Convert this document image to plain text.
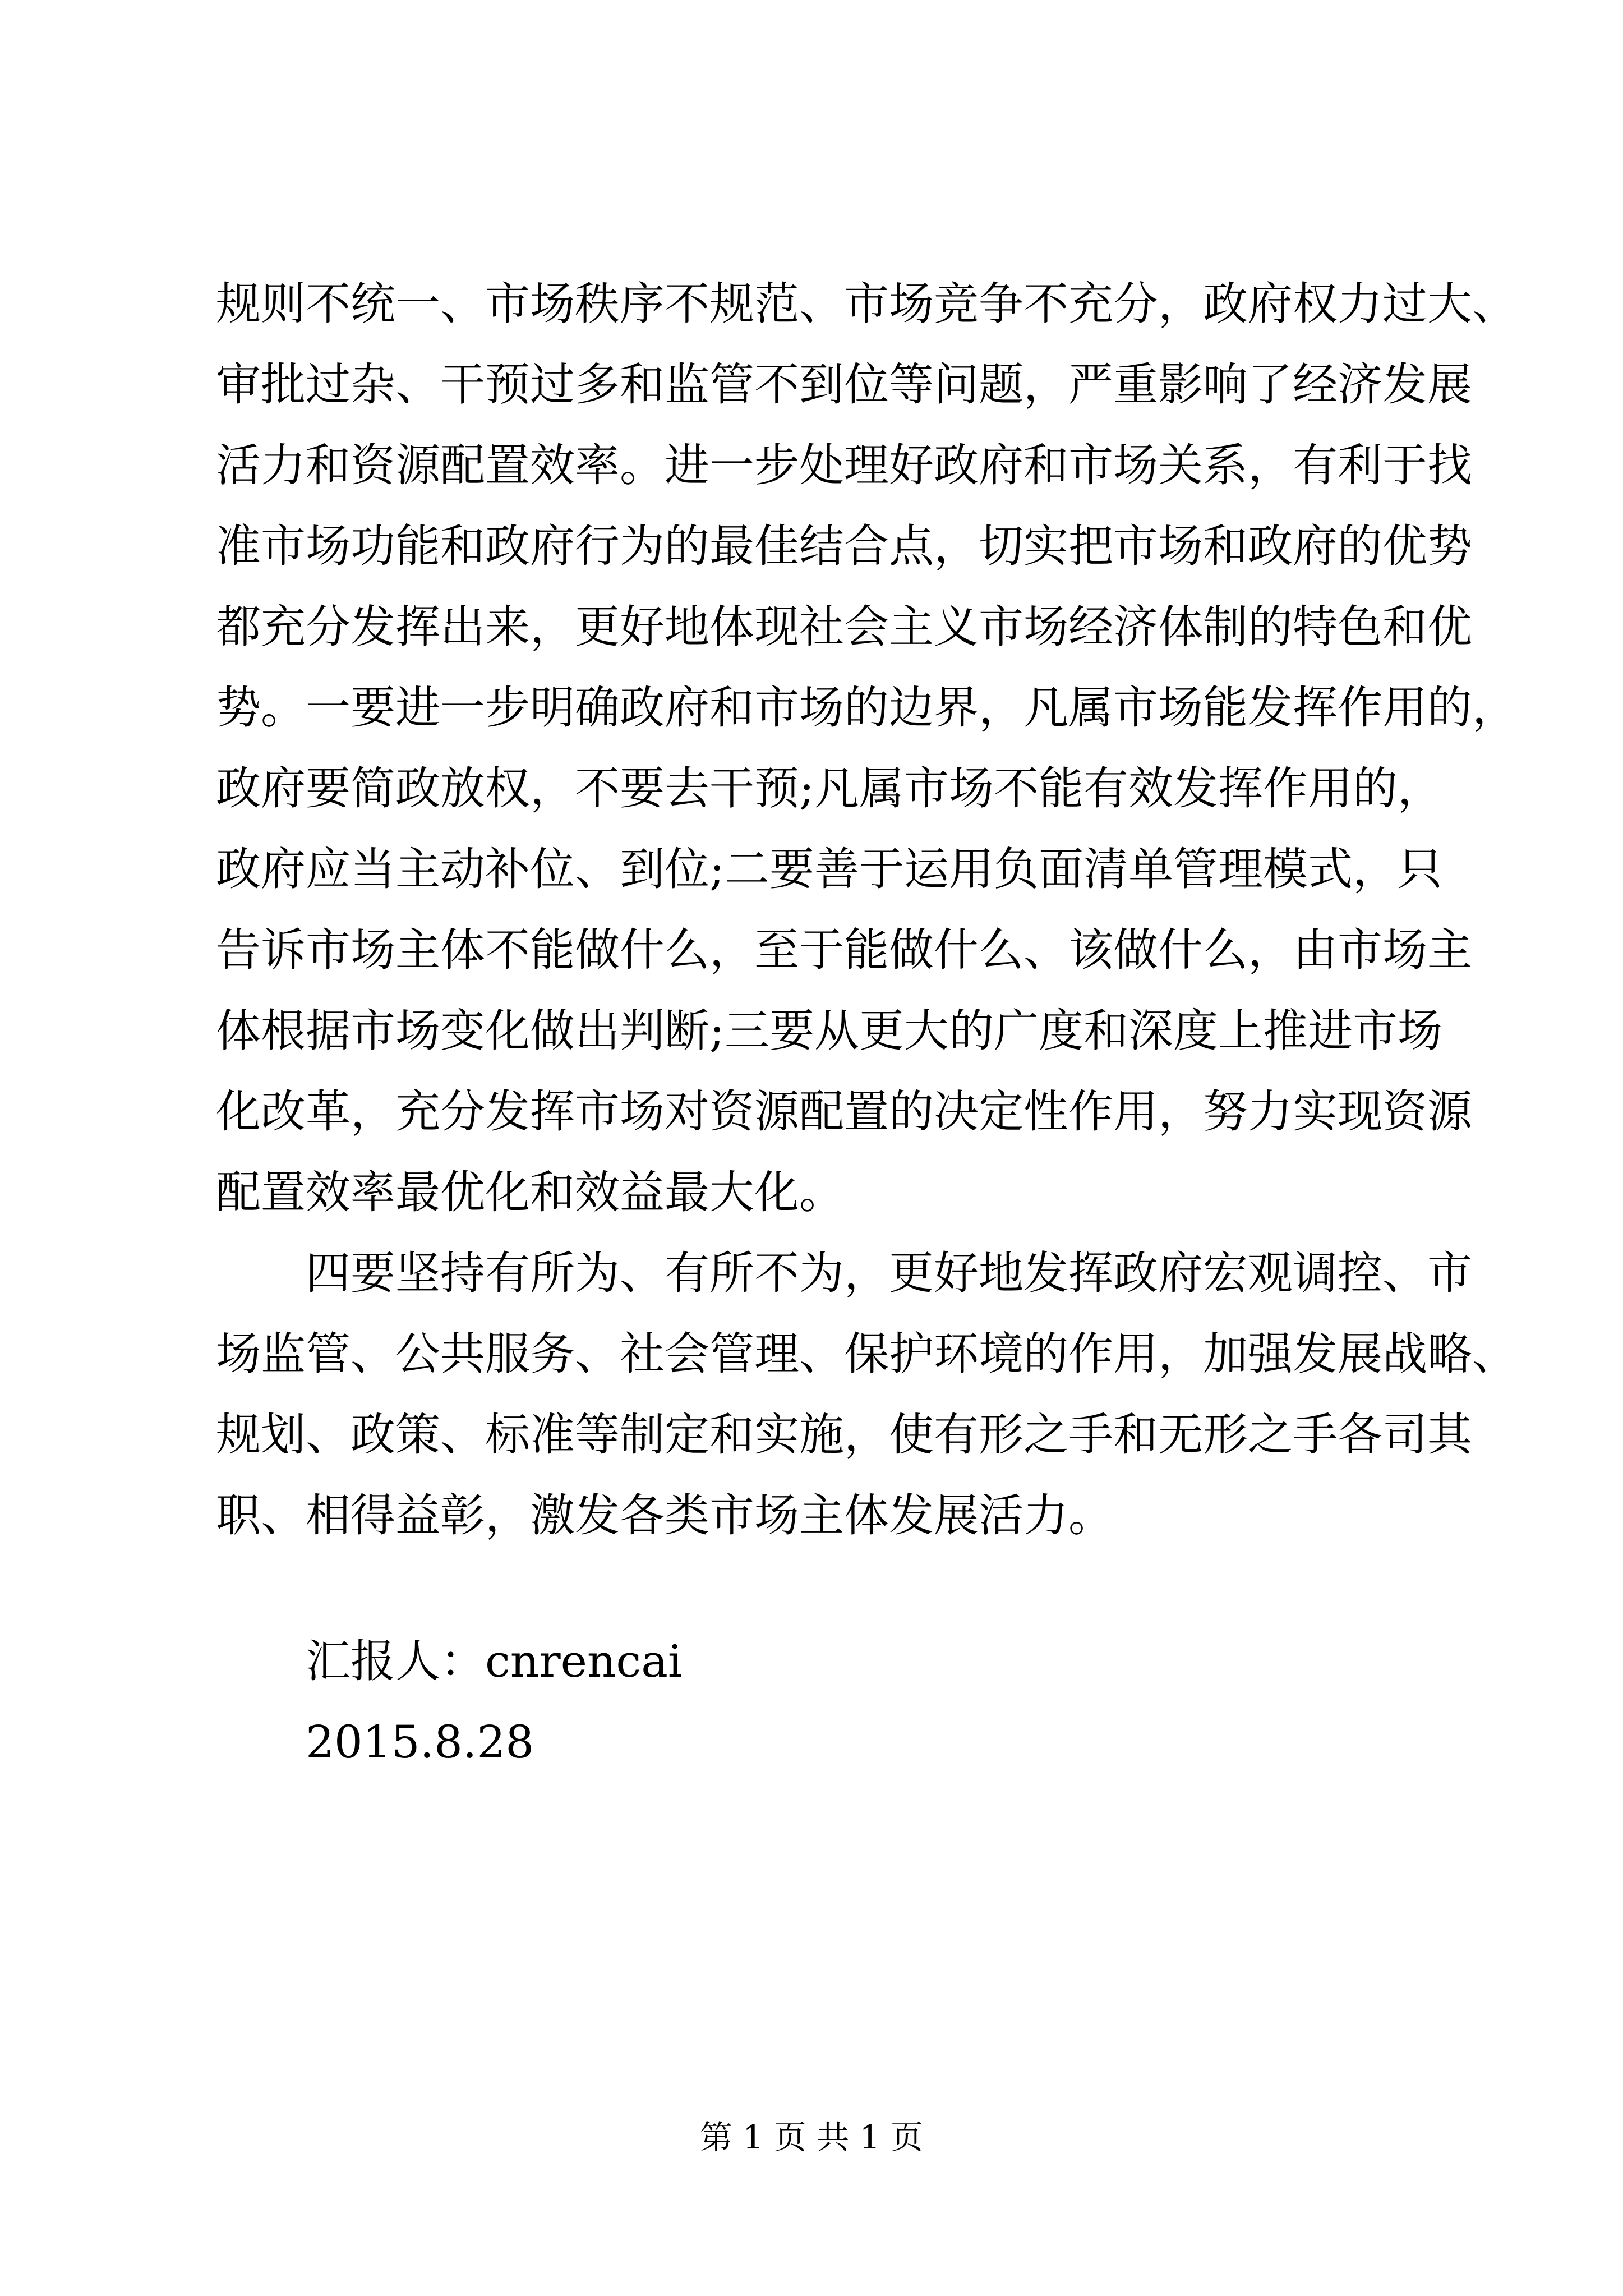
规则不统一、市场秩序不规范、市场竞争不充分，政府权力过大、
审批过杂、干预过多和监管不到位等问题，严重影响了经济发展
活力和资源配置效率。进一步处理好政府和市场关系，有利于找
准市场功能和政府行为的最佳结合点，切实把市场和政府的优势
都充分发挥出来，更好地体现社会主义市场经济体制的特色和优
势。一要进一步明确政府和市场的边界，凡属市场能发挥作用的，
政府要简政放权，不要去干预;凡属市场不能有效发挥作用的，
政府应当主动补位、到位;二要善于运用负面清单管理模式，只
告诉市场主体不能做什么，至于能做什么、该做什么，由市场主
体根据市场变化做出判断;三要从更大的广度和深度上推进市场
化改革，充分发挥市场对资源配置的决定性作用，努力实现资源
配置效率最优化和效益最大化。
四要坚持有所为、有所不为，更好地发挥政府宏观调控、市
场监管、公共服务、社会管理、保护环境的作用，加强发展战略、
规划、政策、标准等制定和实施，使有形之手和无形之手各司其
职、相得益彰，激发各类市场主体发展活力。
汇报人：cnrencai
2015.8.28
第 1 页 共 1 页
